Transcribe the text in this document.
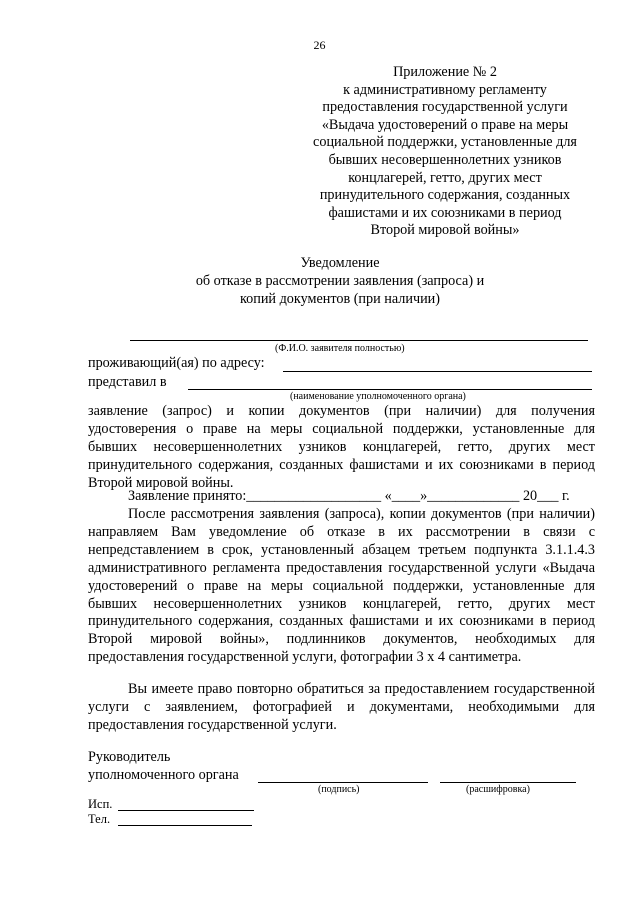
26
Приложение № 2
к административному регламенту
предоставления государственной услуги
«Выдача удостоверений о праве на меры
социальной поддержки, установленные для
бывших несовершеннолетних узников
концлагерей, гетто, других мест
принудительного содержания, созданных
фашистами и их союзниками в период
Второй мировой войны»
Уведомление
об отказе в рассмотрении заявления (запроса) и
копий документов (при наличии)
(Ф.И.О. заявителя полностью)
проживающий(ая) по адресу:
представил в
(наименование уполномоченного органа)
заявление (запрос) и копии документов (при наличии) для получения удостоверения о праве на меры социальной поддержки, установленные для бывших несовершеннолетних узников концлагерей, гетто, других мест принудительного содержания, созданных фашистами и их союзниками в период Второй мировой войны.
Заявление принято:___________________ «____»_____________ 20___ г.
После рассмотрения заявления (запроса), копии документов (при наличии) направляем Вам уведомление об отказе в их рассмотрении в связи с непредставлением в срок, установленный абзацем третьем подпункта 3.1.1.4.3 административного регламента предоставления государственной услуги «Выдача удостоверений о праве на меры социальной поддержки, установленные для бывших несовершеннолетних узников концлагерей, гетто, других мест принудительного содержания, созданных фашистами и их союзниками в период Второй мировой войны», подлинников документов, необходимых для предоставления государственной услуги, фотографии 3 х 4 сантиметра.
Вы имеете право повторно обратиться за предоставлением государственной услуги с заявлением, фотографией и документами, необходимыми для предоставления государственной услуги.
Руководитель
уполномоченного органа
(подпись)	(расшифровка)
Исп.
Тел.
